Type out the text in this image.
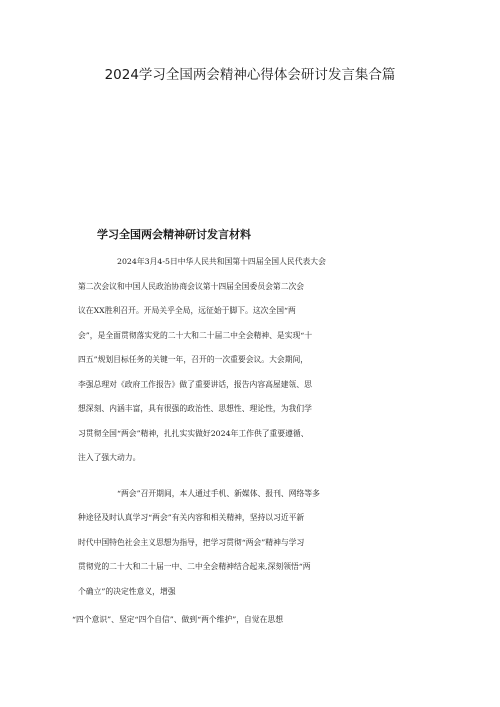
2024学习全国两会精神心得体会研讨发言集合篇
学习全国两会精神研讨发言材料
2024年3月4-5日中华人民共和国第十四届全国人民代表大会
第二次会议和中国人民政治协商会议第十四届全国委员会第二次会
议在XX胜利召开。开局关乎全局，远征始于脚下。这次全国“两
会”，是全面贯彻落实党的二十大和二十届二中全会精神、是实现“十
四五”规划目标任务的关键一年，召开的一次重要会议。大会期间，
李强总理对《政府工作报告》做了重要讲话，报告内容高屋建瓴、思
想深刻、内涵丰富，具有很强的政治性、思想性、理论性，为我们学
习贯彻全国“两会”精神，扎扎实实做好2024年工作供了重要遵循、
注入了强大动力。
“两会”召开期间，本人通过手机、新媒体、报刊、网络等多
种途径及时认真学习“两会”有关内容和相关精神，坚持以习近平新
时代中国特色社会主义思想为指导，把学习贯彻“两会”精神与学习
贯彻党的二十大和二十届一中、二中全会精神结合起来,深刻领悟“两
个确立”的决定性意义，增强
“四个意识”、坚定“四个自信”、做到“两个维护”，自觉在思想
